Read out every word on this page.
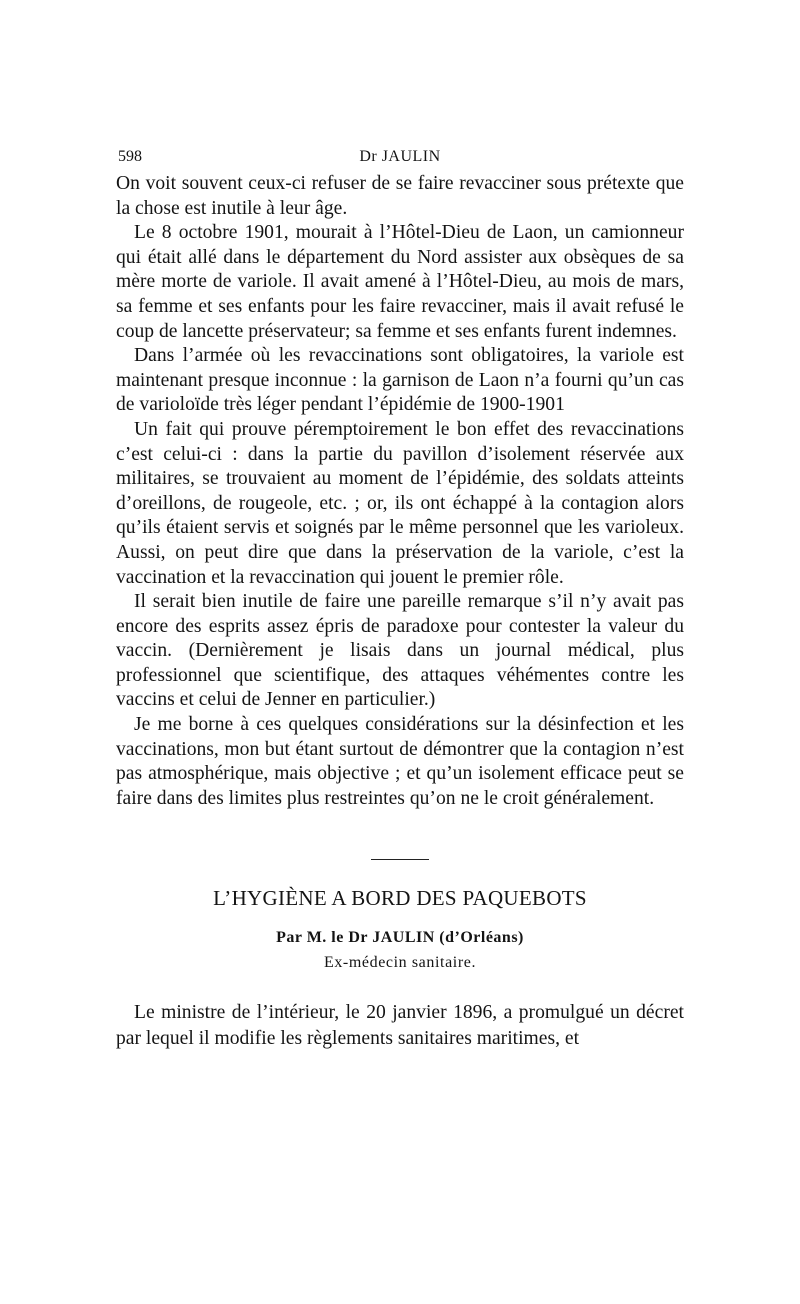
598	Dr JAULIN

On voit souvent ceux-ci refuser de se faire revacciner sous prétexte que la chose est inutile à leur âge.

Le 8 octobre 1901, mourait à l’Hôtel-Dieu de Laon, un camionneur qui était allé dans le département du Nord assister aux obsèques de sa mère morte de variole. Il avait amené à l’Hôtel-Dieu, au mois de mars, sa femme et ses enfants pour les faire revacciner, mais il avait refusé le coup de lancette préservateur; sa femme et ses enfants furent indemnes.

Dans l’armée où les revaccinations sont obligatoires, la variole est maintenant presque inconnue : la garnison de Laon n’a fourni qu’un cas de varioloïde très léger pendant l’épidémie de 1900-1901

Un fait qui prouve péremptoirement le bon effet des revaccinations c’est celui-ci : dans la partie du pavillon d’isolement réservée aux militaires, se trouvaient au moment de l’épidémie, des soldats atteints d’oreillons, de rougeole, etc. ; or, ils ont échappé à la contagion alors qu’ils étaient servis et soignés par le même personnel que les varioleux. Aussi, on peut dire que dans la préservation de la variole, c’est la vaccination et la revaccination qui jouent le premier rôle.

Il serait bien inutile de faire une pareille remarque s’il n’y avait pas encore des esprits assez épris de paradoxe pour contester la valeur du vaccin. (Dernièrement je lisais dans un journal médical, plus professionnel que scientifique, des attaques véhémentes contre les vaccins et celui de Jenner en particulier.)

Je me borne à ces quelques considérations sur la désinfection et les vaccinations, mon but étant surtout de démontrer que la contagion n’est pas atmosphérique, mais objective ; et qu’un isolement efficace peut se faire dans des limites plus restreintes qu’on ne le croit généralement.

L’HYGIÈNE A BORD DES PAQUEBOTS
Par M. le Dr JAULIN (d’Orléans)
Ex-médecin sanitaire.

Le ministre de l’intérieur, le 20 janvier 1896, a promulgué un décret par lequel il modifie les règlements sanitaires maritimes, et
